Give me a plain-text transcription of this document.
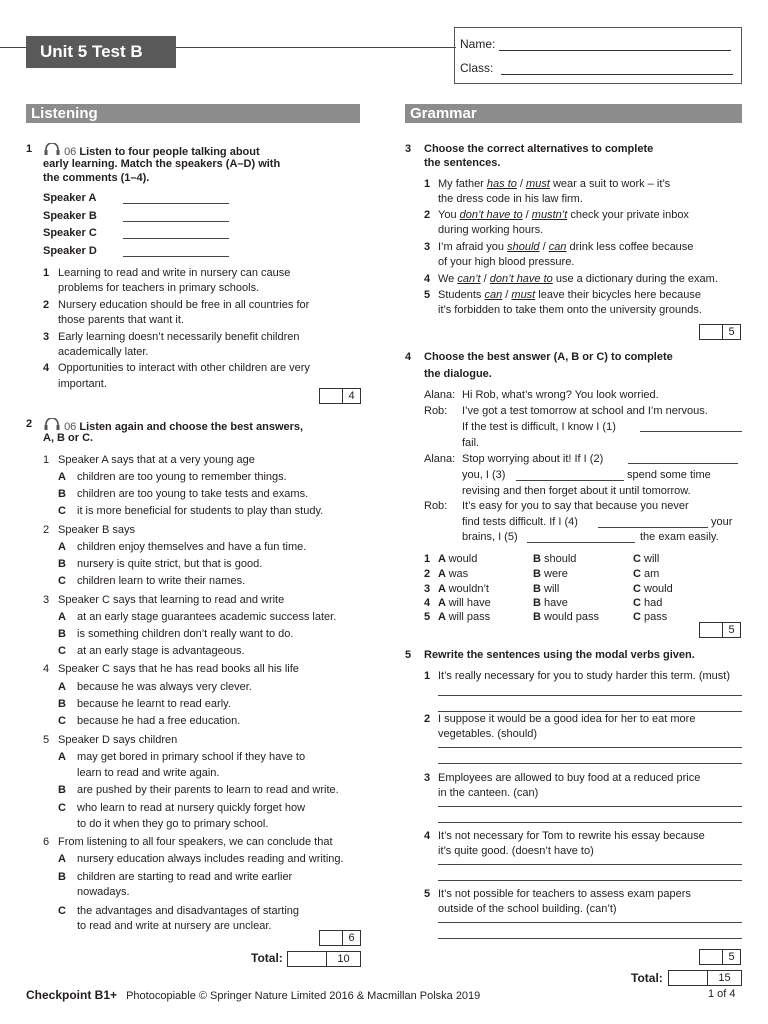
Unit 5 Test B	Name:
Class:
Listening	Grammar
1	06 Listen to four people talking about
early learning. Match the speakers (A–D) with
the comments (1–4).
Speaker A
Speaker B
Speaker C
Speaker D
1 Learning to read and write in nursery can cause
problems for teachers in primary schools.
2 Nursery education should be free in all countries for
those parents that want it.
3 Early learning doesn’t necessarily benefit children
academically later.
4 Opportunities to interact with other children are very
important.
4
2	06 Listen again and choose the best answers,
A, B or C.
1 Speaker A says that at a very young age
A children are too young to remember things.
B children are too young to take tests and exams.
C it is more beneficial for students to play than study.
2 Speaker B says
A children enjoy themselves and have a fun time.
B nursery is quite strict, but that is good.
C children learn to write their names.
3 Speaker C says that learning to read and write
A at an early stage guarantees academic success later.
B is something children don’t really want to do.
C at an early stage is advantageous.
4 Speaker C says that he has read books all his life
A because he was always very clever.
B because he learnt to read early.
C because he had a free education.
5 Speaker D says children
A may get bored in primary school if they have to
learn to read and write again.
B are pushed by their parents to learn to read and write.
C who learn to read at nursery quickly forget how
to do it when they go to primary school.
6 From listening to all four speakers, we can conclude that
A nursery education always includes reading and writing.
B children are starting to read and write earlier
nowadays.
C the advantages and disadvantages of starting
to read and write at nursery are unclear.
6
Total:	10
3 Choose the correct alternatives to complete
the sentences.
1 My father has to / must wear a suit to work – it’s
the dress code in his law firm.
2 You don’t have to / mustn’t check your private inbox
during working hours.
3 I’m afraid you should / can drink less coffee because
of your high blood pressure.
4 We can’t / don’t have to use a dictionary during the exam.
5 Students can / must leave their bicycles here because
it’s forbidden to take them onto the university grounds.
5
4 Choose the best answer (A, B or C) to complete
the dialogue.
Alana: Hi Rob, what’s wrong? You look worried.
Rob: I’ve got a test tomorrow at school and I’m nervous.
If the test is difficult, I know I (1)
fail.
Alana: Stop worrying about it! If I (2)
you, I (3)
revising and then forget about it until tomorrow.
Rob: It’s easy for you to say that because you never
find tests difficult. If I (4)
brains, I (5)
spend some time
your
the exam easily.
1 A would	B should	C will
2 A was	B were	C am
3 A wouldn’t	B will	C would
4 A will have	B have	C had
5 A will pass	B would pass	C pass
5
5 Rewrite the sentences using the modal verbs given.
1 It’s really necessary for you to study harder this term. (must)
2 I suppose it would be a good idea for her to eat more
vegetables. (should)
3 Employees are allowed to buy food at a reduced price
in the canteen. (can)
4 It’s not necessary for Tom to rewrite his essay because
it’s quite good. (doesn’t have to)
5 It’s not possible for teachers to assess exam papers
outside of the school building. (can’t)
5
Total:	15
Checkpoint B1+ Photocopiable © Springer Nature Limited 2016 & Macmillan Polska 2019	1 of 4
